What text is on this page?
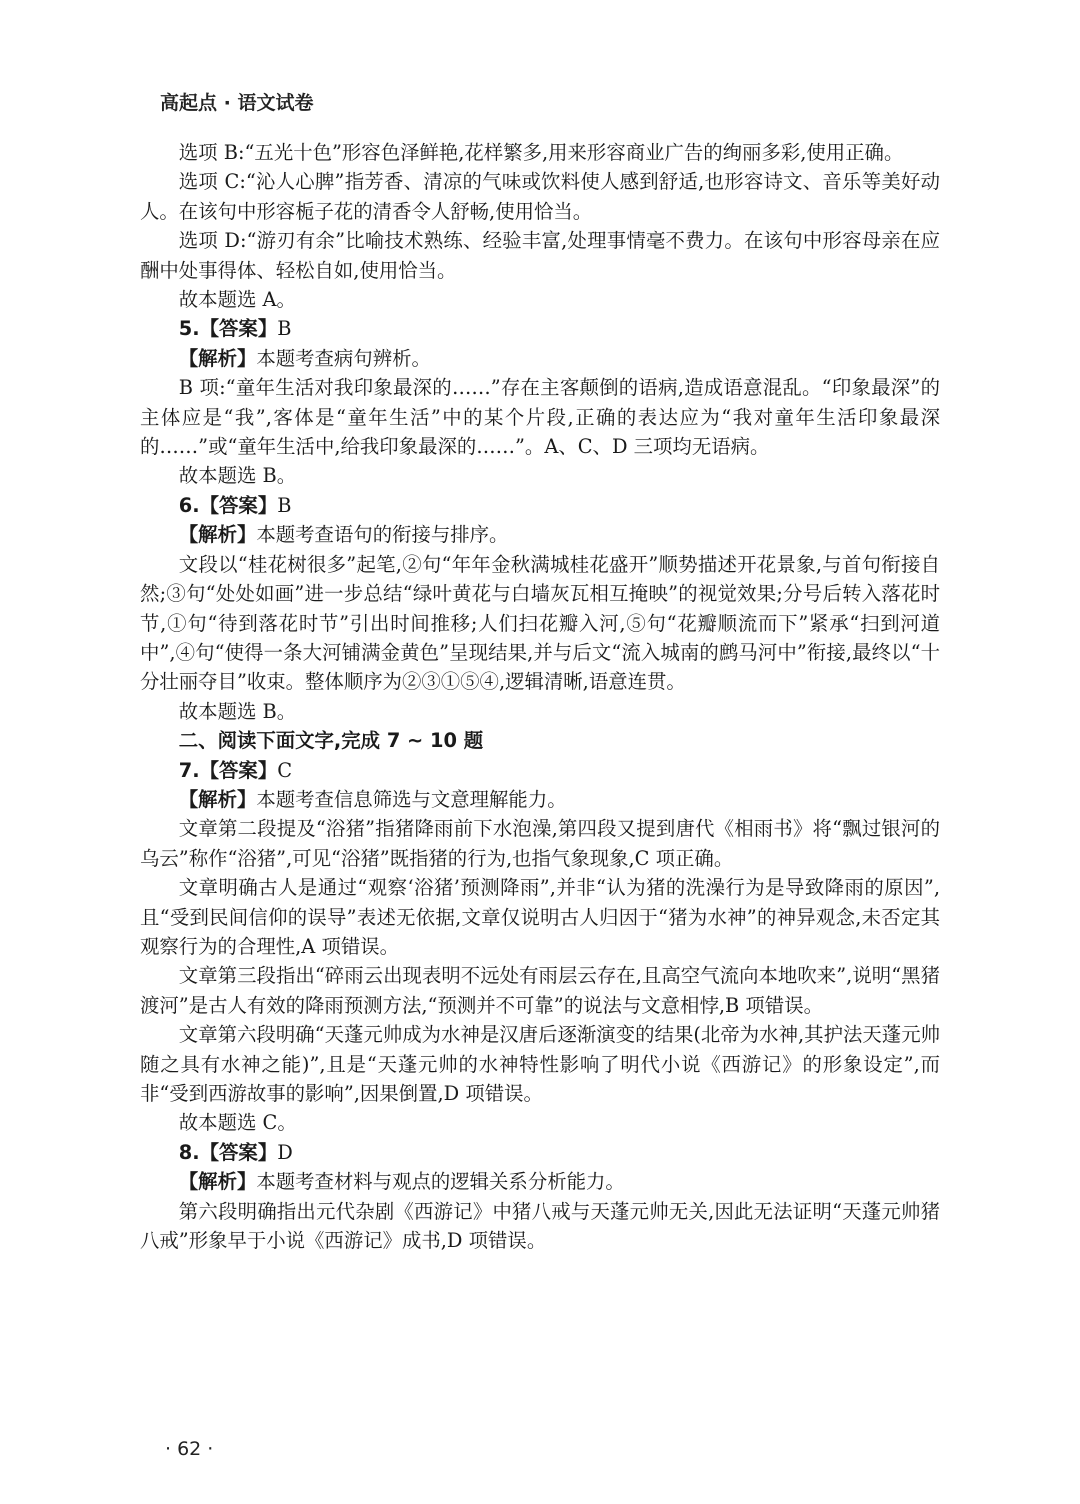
高起点 · 语文试卷
选项 B:“五光十色”形容色泽鲜艳,花样繁多,用来形容商业广告的绚丽多彩,使用正确。
选项 C:“沁人心脾”指芳香、清凉的气味或饮料使人感到舒适,也形容诗文、音乐等美好动人。在该句中形容栀子花的清香令人舒畅,使用恰当。
选项 D:“游刃有余”比喻技术熟练、经验丰富,处理事情毫不费力。在该句中形容母亲在应酬中处事得体、轻松自如,使用恰当。
故本题选 A。
5.【答案】B
【解析】本题考查病句辨析。
B 项:“童年生活对我印象最深的……”存在主客颠倒的语病,造成语意混乱。“印象最深”的主体应是“我”,客体是“童年生活”中的某个片段,正确的表达应为“我对童年生活印象最深的……”或“童年生活中,给我印象最深的……”。A、C、D 三项均无语病。
故本题选 B。
6.【答案】B
【解析】本题考查语句的衔接与排序。
文段以“桂花树很多”起笔,②句“年年金秋满城桂花盛开”顺势描述开花景象,与首句衔接自然;③句“处处如画”进一步总结“绿叶黄花与白墙灰瓦相互掩映”的视觉效果;分号后转入落花时节,①句“待到落花时节”引出时间推移;人们扫花瓣入河,⑤句“花瓣顺流而下”紧承“扫到河道中”,④句“使得一条大河铺满金黄色”呈现结果,并与后文“流入城南的鹧马河中”衔接,最终以“十分壮丽夺目”收束。整体顺序为②③①⑤④,逻辑清晰,语意连贯。
故本题选 B。
二、阅读下面文字,完成 7 ~ 10 题
7.【答案】C
【解析】本题考查信息筛选与文意理解能力。
文章第二段提及“浴猪”指猪降雨前下水泡澡,第四段又提到唐代《相雨书》将“飘过银河的乌云”称作“浴猪”,可见“浴猪”既指猪的行为,也指气象现象,C 项正确。
文章明确古人是通过“观察‘浴猪’预测降雨”,并非“认为猪的洗澡行为是导致降雨的原因”,且“受到民间信仰的误导”表述无依据,文章仅说明古人归因于“猪为水神”的神异观念,未否定其观察行为的合理性,A 项错误。
文章第三段指出“碎雨云出现表明不远处有雨层云存在,且高空气流向本地吹来”,说明“黑猪渡河”是古人有效的降雨预测方法,“预测并不可靠”的说法与文意相悖,B 项错误。
文章第六段明确“天蓬元帅成为水神是汉唐后逐渐演变的结果(北帝为水神,其护法天蓬元帅随之具有水神之能)”,且是“天蓬元帅的水神特性影响了明代小说《西游记》的形象设定”,而非“受到西游故事的影响”,因果倒置,D 项错误。
故本题选 C。
8.【答案】D
【解析】本题考查材料与观点的逻辑关系分析能力。
第六段明确指出元代杂剧《西游记》中猪八戒与天蓬元帅无关,因此无法证明“天蓬元帅猪八戒”形象早于小说《西游记》成书,D 项错误。
· 62 ·
